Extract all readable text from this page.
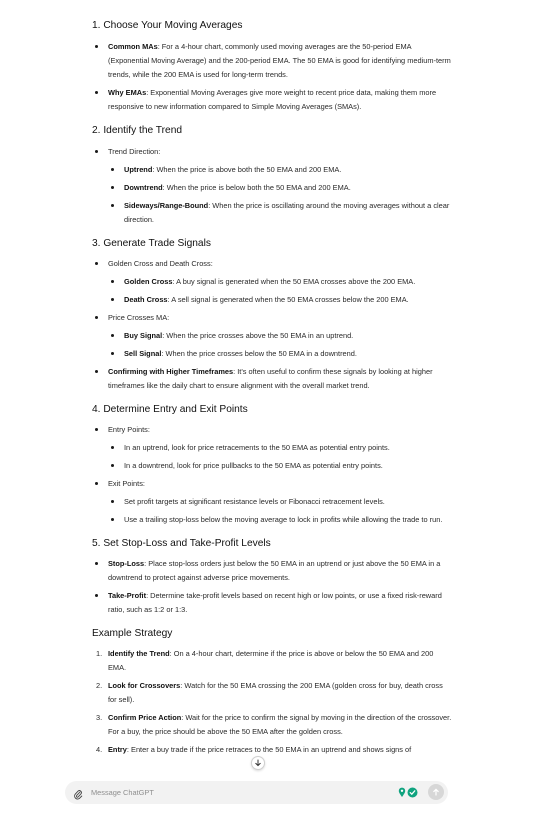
1. Choose Your Moving Averages
Common MAs: For a 4-hour chart, commonly used moving averages are the 50-period EMA (Exponential Moving Average) and the 200-period EMA. The 50 EMA is good for identifying medium-term trends, while the 200 EMA is used for long-term trends.
Why EMAs: Exponential Moving Averages give more weight to recent price data, making them more responsive to new information compared to Simple Moving Averages (SMAs).
2. Identify the Trend
Trend Direction:
Uptrend: When the price is above both the 50 EMA and 200 EMA.
Downtrend: When the price is below both the 50 EMA and 200 EMA.
Sideways/Range-Bound: When the price is oscillating around the moving averages without a clear direction.
3. Generate Trade Signals
Golden Cross and Death Cross:
Golden Cross: A buy signal is generated when the 50 EMA crosses above the 200 EMA.
Death Cross: A sell signal is generated when the 50 EMA crosses below the 200 EMA.
Price Crosses MA:
Buy Signal: When the price crosses above the 50 EMA in an uptrend.
Sell Signal: When the price crosses below the 50 EMA in a downtrend.
Confirming with Higher Timeframes: It's often useful to confirm these signals by looking at higher timeframes like the daily chart to ensure alignment with the overall market trend.
4. Determine Entry and Exit Points
Entry Points:
In an uptrend, look for price retracements to the 50 EMA as potential entry points.
In a downtrend, look for price pullbacks to the 50 EMA as potential entry points.
Exit Points:
Set profit targets at significant resistance levels or Fibonacci retracement levels.
Use a trailing stop-loss below the moving average to lock in profits while allowing the trade to run.
5. Set Stop-Loss and Take-Profit Levels
Stop-Loss: Place stop-loss orders just below the 50 EMA in an uptrend or just above the 50 EMA in a downtrend to protect against adverse price movements.
Take-Profit: Determine take-profit levels based on recent high or low points, or use a fixed risk-reward ratio, such as 1:2 or 1:3.
Example Strategy
1. Identify the Trend: On a 4-hour chart, determine if the price is above or below the 50 EMA and 200 EMA.
2. Look for Crossovers: Watch for the 50 EMA crossing the 200 EMA (golden cross for buy, death cross for sell).
3. Confirm Price Action: Wait for the price to confirm the signal by moving in the direction of the crossover. For a buy, the price should be above the 50 EMA after the golden cross.
4. Entry: Enter a buy trade if the price retraces to the 50 EMA in an uptrend and shows signs of
Message ChatGPT
